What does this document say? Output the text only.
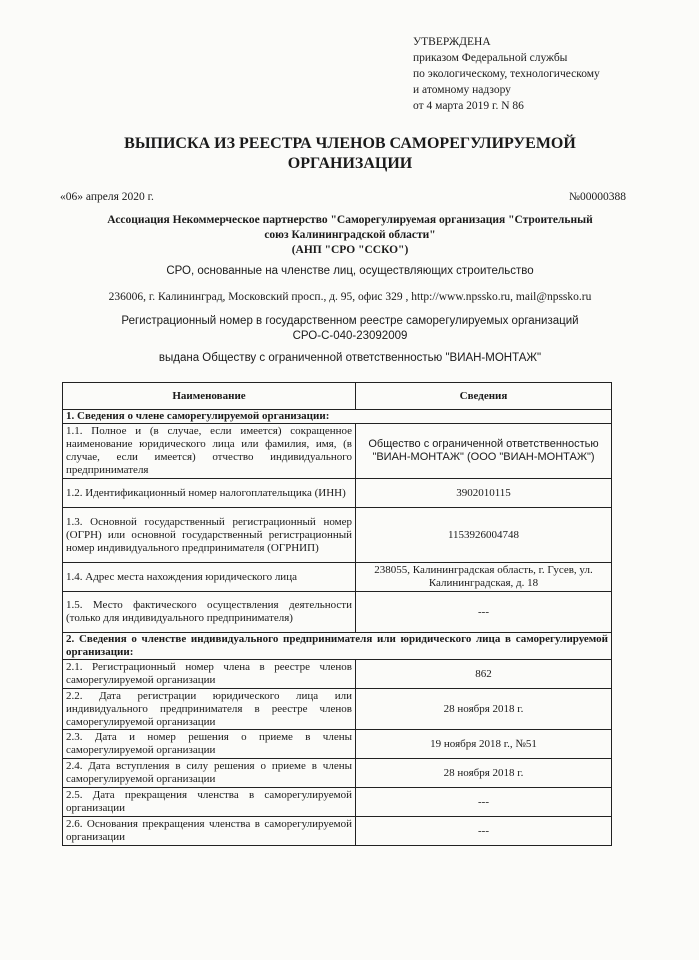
УТВЕРЖДЕНА
приказом Федеральной службы
по экологическому, технологическому
и атомному надзору
от 4 марта 2019 г. N 86
ВЫПИСКА ИЗ РЕЕСТРА ЧЛЕНОВ САМОРЕГУЛИРУЕМОЙ
ОРГАНИЗАЦИИ
«06» апреля 2020 г.	№00000388
Ассоциация Некоммерческое партнерство "Саморегулируемая организация "Строительный
союз Калининградской области"
(АНП "СРО "ССКО")
СРО, основанные на членстве лиц, осуществляющих строительство
236006, г. Калининград, Московский просп., д. 95, офис 329 , http://www.npssko.ru, mail@npssko.ru
Регистрационный номер в государственном реестре саморегулируемых организаций
СРО-С-040-23092009
выдана Обществу с ограниченной ответственностью "ВИАН-МОНТАЖ"
Наименование	Сведения
1. Сведения о члене саморегулируемой организации:	
1.1. Полное и (в случае, если имеется) сокращенное наименование юридического лица или фамилия, имя, (в случае, если имеется) отчество индивидуального предпринимателя	Общество с ограниченной ответственностью "ВИАН-МОНТАЖ" (ООО "ВИАН-МОНТАЖ")
1.2. Идентификационный номер налогоплательщика (ИНН)	3902010115
1.3. Основной государственный регистрационный номер (ОГРН) или основной государственный регистрационный номер индивидуального предпринимателя (ОГРНИП)	1153926004748
1.4. Адрес места нахождения юридического лица	238055, Калининградская область, г. Гусев, ул. Калининградская, д. 18
1.5. Место фактического осуществления деятельности (только для индивидуального предпринимателя)	---
2. Сведения о членстве индивидуального предпринимателя или юридического лица в саморегулируемой организации:	
2.1. Регистрационный номер члена в реестре членов саморегулируемой организации	862
2.2. Дата регистрации юридического лица или индивидуального предпринимателя в реестре членов саморегулируемой организации	28 ноября 2018 г.
2.3. Дата и номер решения о приеме в члены саморегулируемой организации	19 ноября 2018 г., №51
2.4. Дата вступления в силу решения о приеме в члены саморегулируемой организации	28 ноября 2018 г.
2.5. Дата прекращения членства в саморегулируемой организации	---
2.6. Основания прекращения членства в саморегулируемой организации	---
